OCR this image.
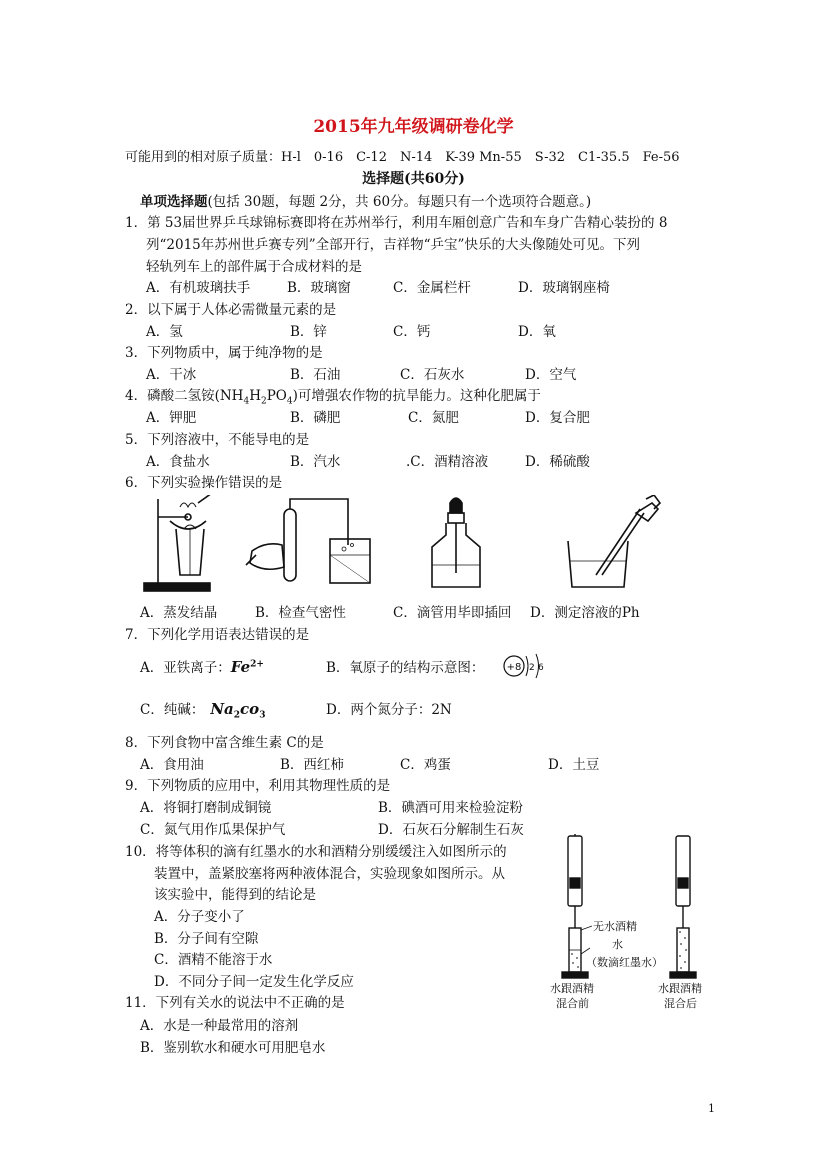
2015年九年级调研卷化学
可能用到的相对原子质量：H-l　0-16　C-12　N-14　K-39 Mn-55　S-32　C1-35.5　Fe-56
选择题(共60分)
单项选择题(包括 30题，每题 2分，共 60分。每题只有一个选项符合题意。)
1．第 53届世界乒乓球锦标赛即将在苏州举行，利用车厢创意广告和车身广告精心装扮的 8
列“2015年苏州世乒赛专列”全部开行，吉祥物“乒宝”快乐的大头像随处可见。下列
轻轨列车上的部件属于合成材料的是
A．有机玻璃扶手	B．玻璃窗	C．金属栏杆	D．玻璃钢座椅
2．以下属于人体必需微量元素的是
A．氢	B．锌	C．钙	D．氧
3．下列物质中，属于纯净物的是
A．干冰	B．石油	C．石灰水	D．空气
4．磷酸二氢铵$(NH_4H_2PO_4)$可增强农作物的抗旱能力。这种化肥属于
A．钾肥	B．磷肥	C．氮肥	D．复合肥
5．下列溶液中，不能导电的是
A．食盐水	B．汽水	.C．酒精溶液	D．稀硫酸
6．下列实验操作错误的是
A．蒸发结晶	B．检查气密性	C．滴管用毕即插回 D．测定溶液的Ph
7．下列化学用语表达错误的是
A．亚铁离子：$Fe^{2+}$	B．氧原子的结构示意图： +8 2 6
C．纯碱： $Na_2co_3$	D．两个氮分子：2N
8．下列食物中富含维生素 C的是
A．食用油	B．西红柿	C．鸡蛋	D．土豆
9．下列物质的应用中，利用其物理性质的是
A．将铜打磨制成铜镜	B．碘酒可用来检验淀粉
C．氮气用作瓜果保护气	D．石灰石分解制生石灰
10．将等体积的滴有红墨水的水和酒精分别缓缓注入如图所示的
装置中，盖紧胶塞将两种液体混合，实验现象如图所示。从
该实验中，能得到的结论是
A．分子变小了
B．分子间有空隙
C．酒精不能溶于水
D．不同分子间一定发生化学反应
无水酒精
水
（数滴红墨水）
水跟酒精
混合前
水跟酒精
混合后
11．下列有关水的说法中不正确的是
A．水是一种最常用的溶剂
B．鉴别软水和硬水可用肥皂水
1
